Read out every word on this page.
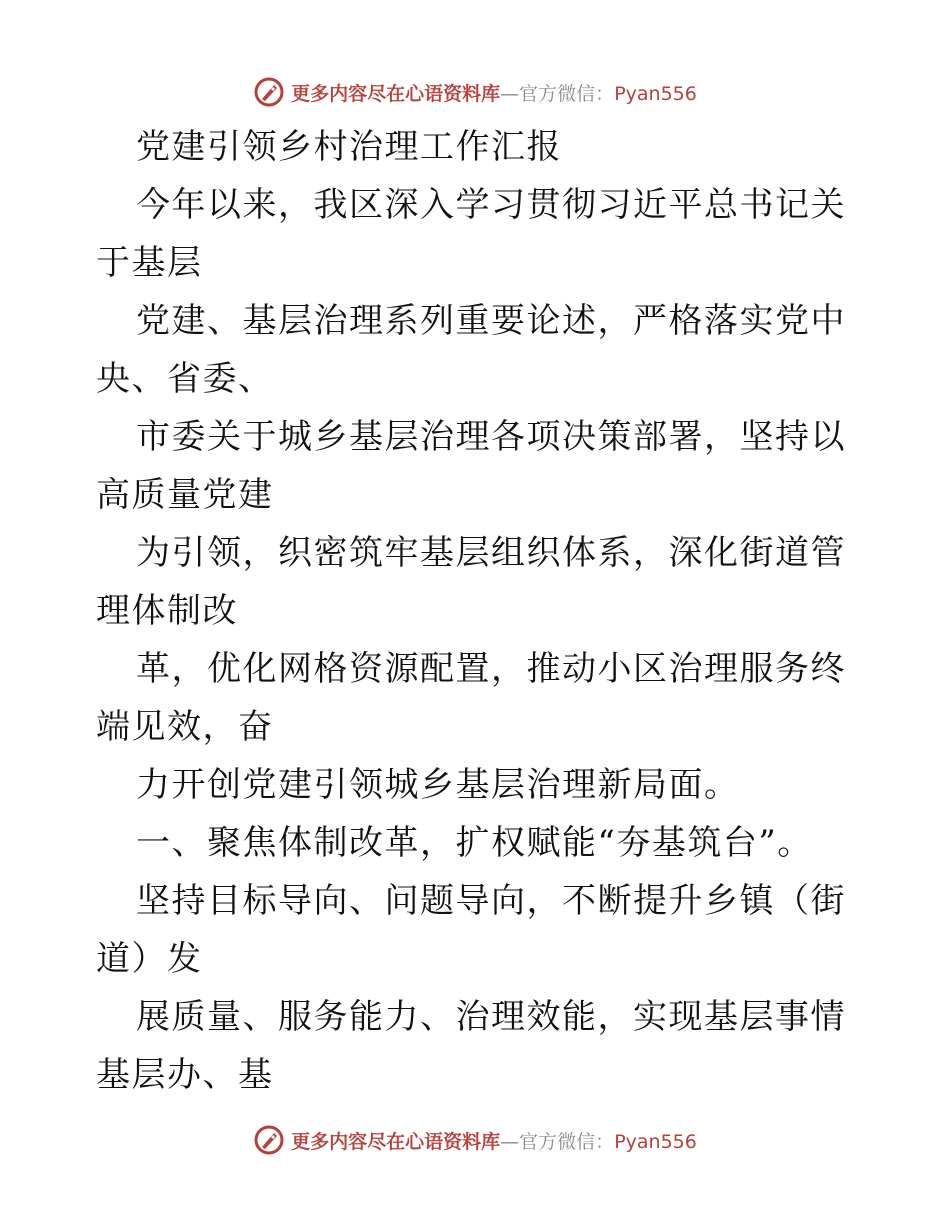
更多内容尽在心语资料库—官方微信：Pyan556

党建引领乡村治理工作汇报

今年以来，我区深入学习贯彻习近平总书记关于基层

党建、基层治理系列重要论述，严格落实党中央、省委、

市委关于城乡基层治理各项决策部署，坚持以高质量党建

为引领，织密筑牢基层组织体系，深化街道管理体制改

革，优化网格资源配置，推动小区治理服务终端见效，奋

力开创党建引领城乡基层治理新局面。

一、聚焦体制改革，扩权赋能“夯基筑台”。

坚持目标导向、问题导向，不断提升乡镇（街道）发

展质量、服务能力、治理效能，实现基层事情基层办、基

更多内容尽在心语资料库—官方微信：Pyan556
